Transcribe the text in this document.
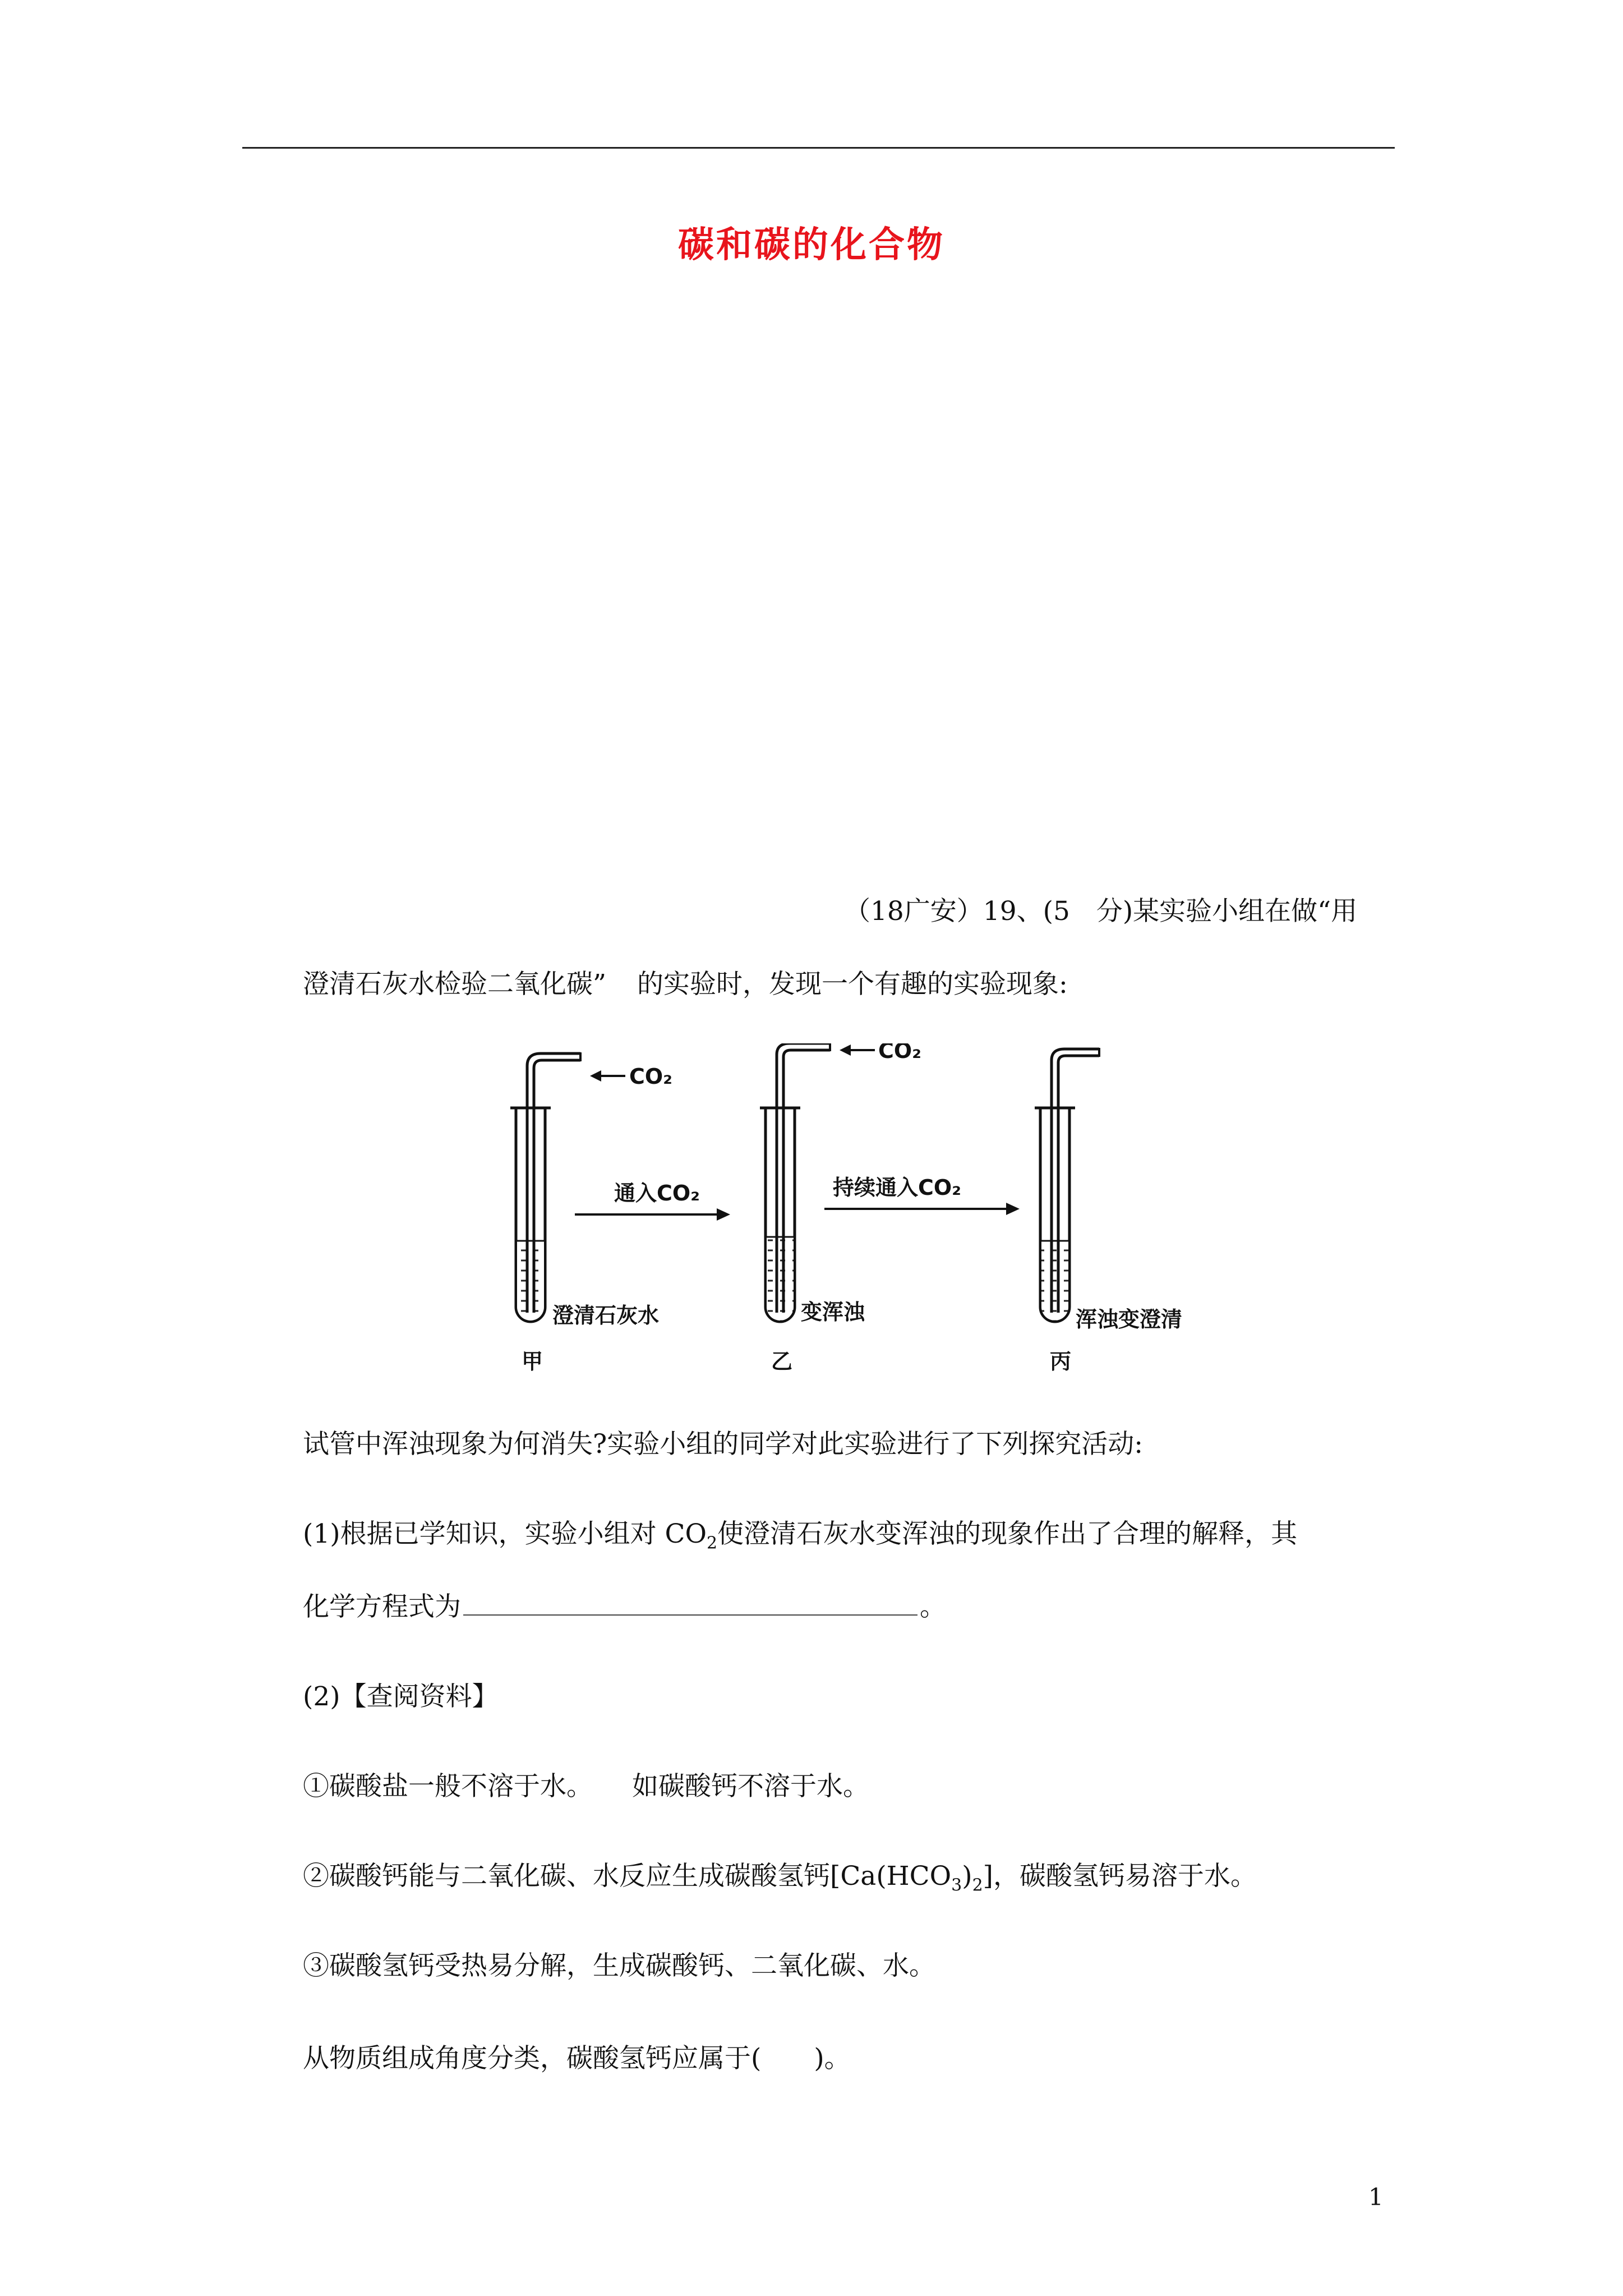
碳和碳的化合物
（18广安）19、(5　分)某实验小组在做“用
澄清石灰水检验二氧化碳” 的实验时，发现一个有趣的实验现象:
CO₂
澄清石灰水
甲
通入CO₂
CO₂
变浑浊
乙
持续通入CO₂
浑浊变澄清
丙
试管中浑浊现象为何消失?实验小组的同学对此实验进行了下列探究活动:
(1)根据已学知识，实验小组对 $CO_2$使澄清石灰水变浑浊的现象作出了合理的解释，其
化学方程式为	。
(2)【查阅资料】
①碳酸盐一般不溶于水。 如碳酸钙不溶于水。
②碳酸钙能与二氧化碳、水反应生成碳酸氢钙$[Ca(HCO_3)_2]$，碳酸氢钙易溶于水。
③碳酸氢钙受热易分解，生成碳酸钙、二氧化碳、水。
从物质组成角度分类，碳酸氢钙应属于(　　)。
1
